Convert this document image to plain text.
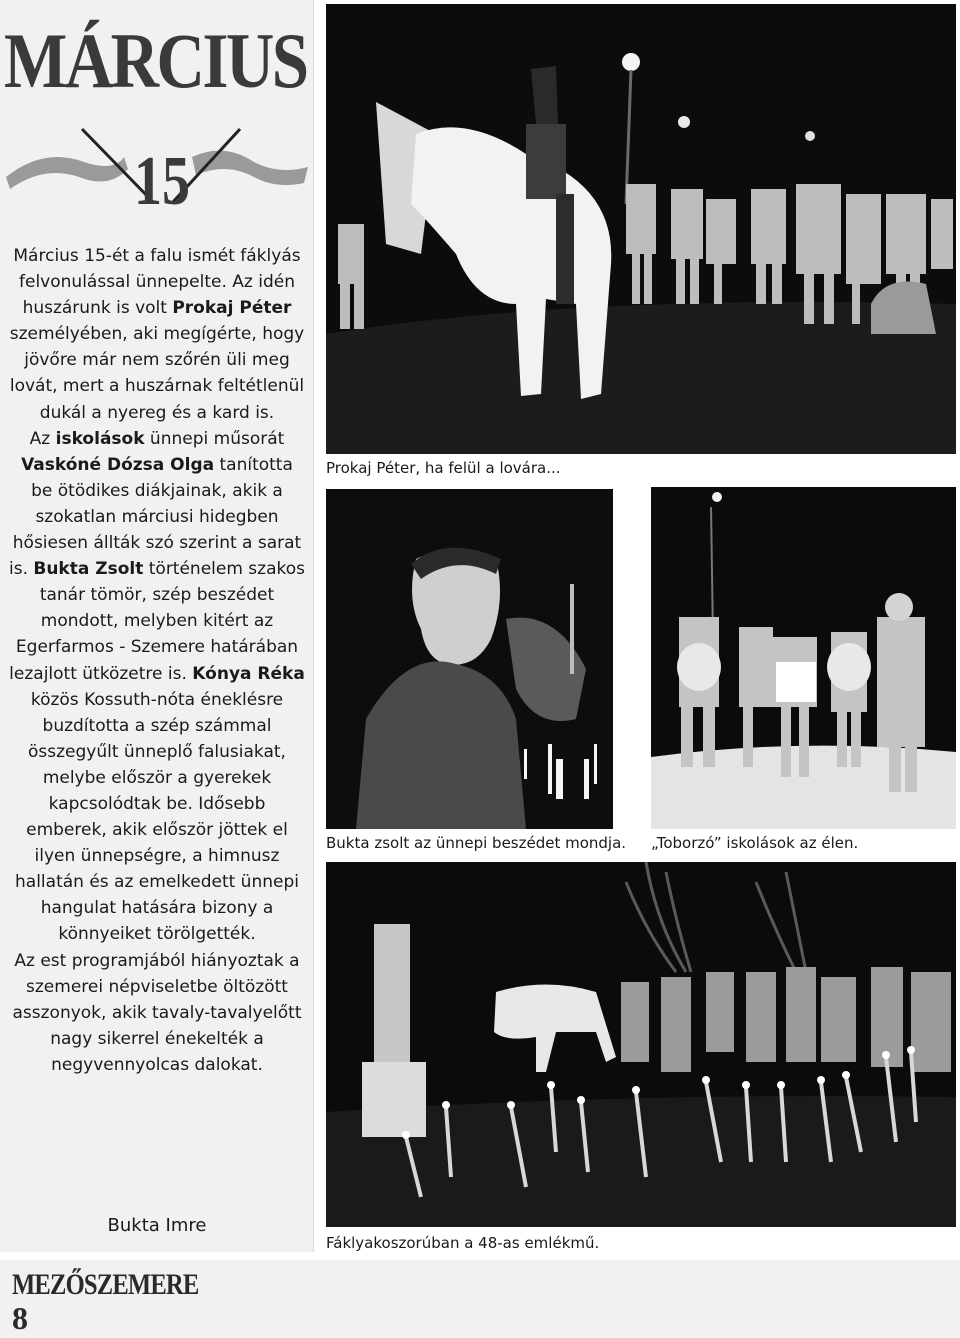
MÁRCIUS
15
Március 15-ét a falu ismét fáklyás felvonulással ünnepelte. Az idén huszárunk is volt Prokaj Péter személyében, aki megígérte, hogy jövőre már nem szőrén üli meg lovát, mert a huszárnak feltétlenül dukál a nyereg és a kard is.
Az iskolások ünnepi műsorát Vaskóné Dózsa Olga tanította be ötödikes diákjainak, akik a szokatlan márciusi hidegben hősiesen állták szó szerint a sarat is. Bukta Zsolt történelem szakos tanár tömör, szép beszédet mondott, melyben kitért az Egerfarmos - Szemere határában lezajlott ütközetre is. Kónya Réka közös Kossuth-nóta éneklésre buzdította a szép számmal összegyűlt ünneplő falusiakat, melybe először a gyerekek kapcsolódtak be. Idősebb emberek, akik először jöttek el ilyen ünnepségre, a himnusz hallatán és az emelkedett ünnepi hangulat hatására bizony a könnyeiket törölgették.
Az est programjából hiányoztak a szemerei népviseletbe öltözött asszonyok, akik tavaly-tavalyelőtt nagy sikerrel énekelték a negyvennyolcas dalokat.
Bukta Imre
Prokaj Péter, ha felül a lovára...
Bukta zsolt az ünnepi beszédet mondja. „Toborzó” iskolások az élen.
Fáklyakoszorúban a 48-as emlékmű.
MEZŐSZEMERE
8
